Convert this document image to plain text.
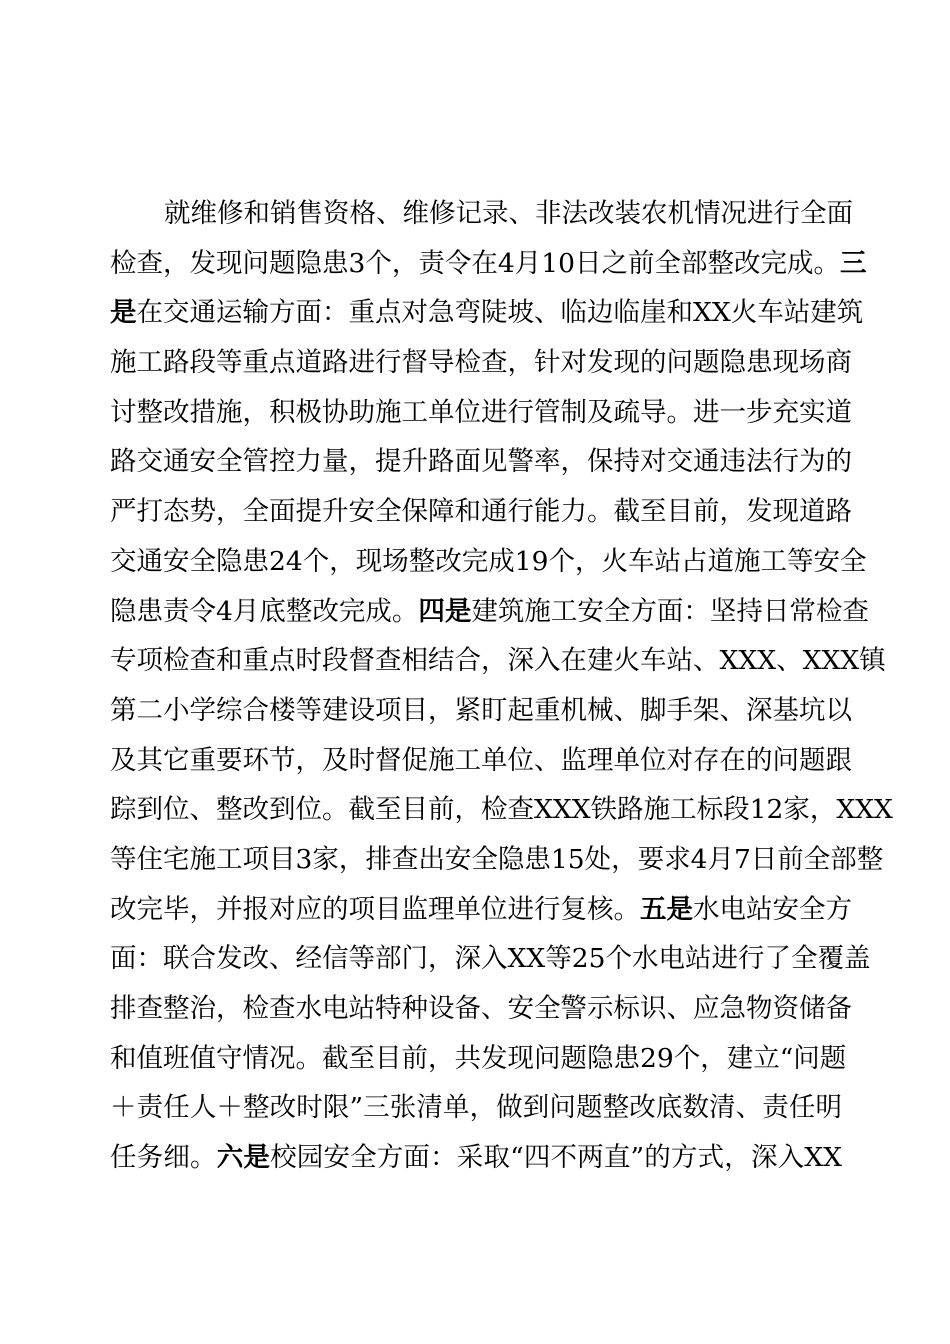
就维修和销售资格、维修记录、非法改装农机情况进行全面
检查，发现问题隐患3个，责令在4月10日之前全部整改完成。三
是在交通运输方面：重点对急弯陡坡、临边临崖和XX火车站建筑
施工路段等重点道路进行督导检查，针对发现的问题隐患现场商
讨整改措施，积极协助施工单位进行管制及疏导。进一步充实道
路交通安全管控力量，提升路面见警率，保持对交通违法行为的
严打态势，全面提升安全保障和通行能力。截至目前，发现道路
交通安全隐患24个，现场整改完成19个，火车站占道施工等安全
隐患责令4月底整改完成。四是建筑施工安全方面：坚持日常检查
专项检查和重点时段督查相结合，深入在建火车站、XXX、XXX镇
第二小学综合楼等建设项目，紧盯起重机械、脚手架、深基坑以
及其它重要环节，及时督促施工单位、监理单位对存在的问题跟
踪到位、整改到位。截至目前，检查XXX铁路施工标段12家，XXX
等住宅施工项目3家，排查出安全隐患15处，要求4月7日前全部整
改完毕，并报对应的项目监理单位进行复核。五是水电站安全方
面：联合发改、经信等部门，深入XX等25个水电站进行了全覆盖
排查整治，检查水电站特种设备、安全警示标识、应急物资储备
和值班值守情况。截至目前，共发现问题隐患29个，建立“问题
＋责任人＋整改时限”三张清单，做到问题整改底数清、责任明
任务细。六是校园安全方面：采取“四不两直”的方式，深入XX
